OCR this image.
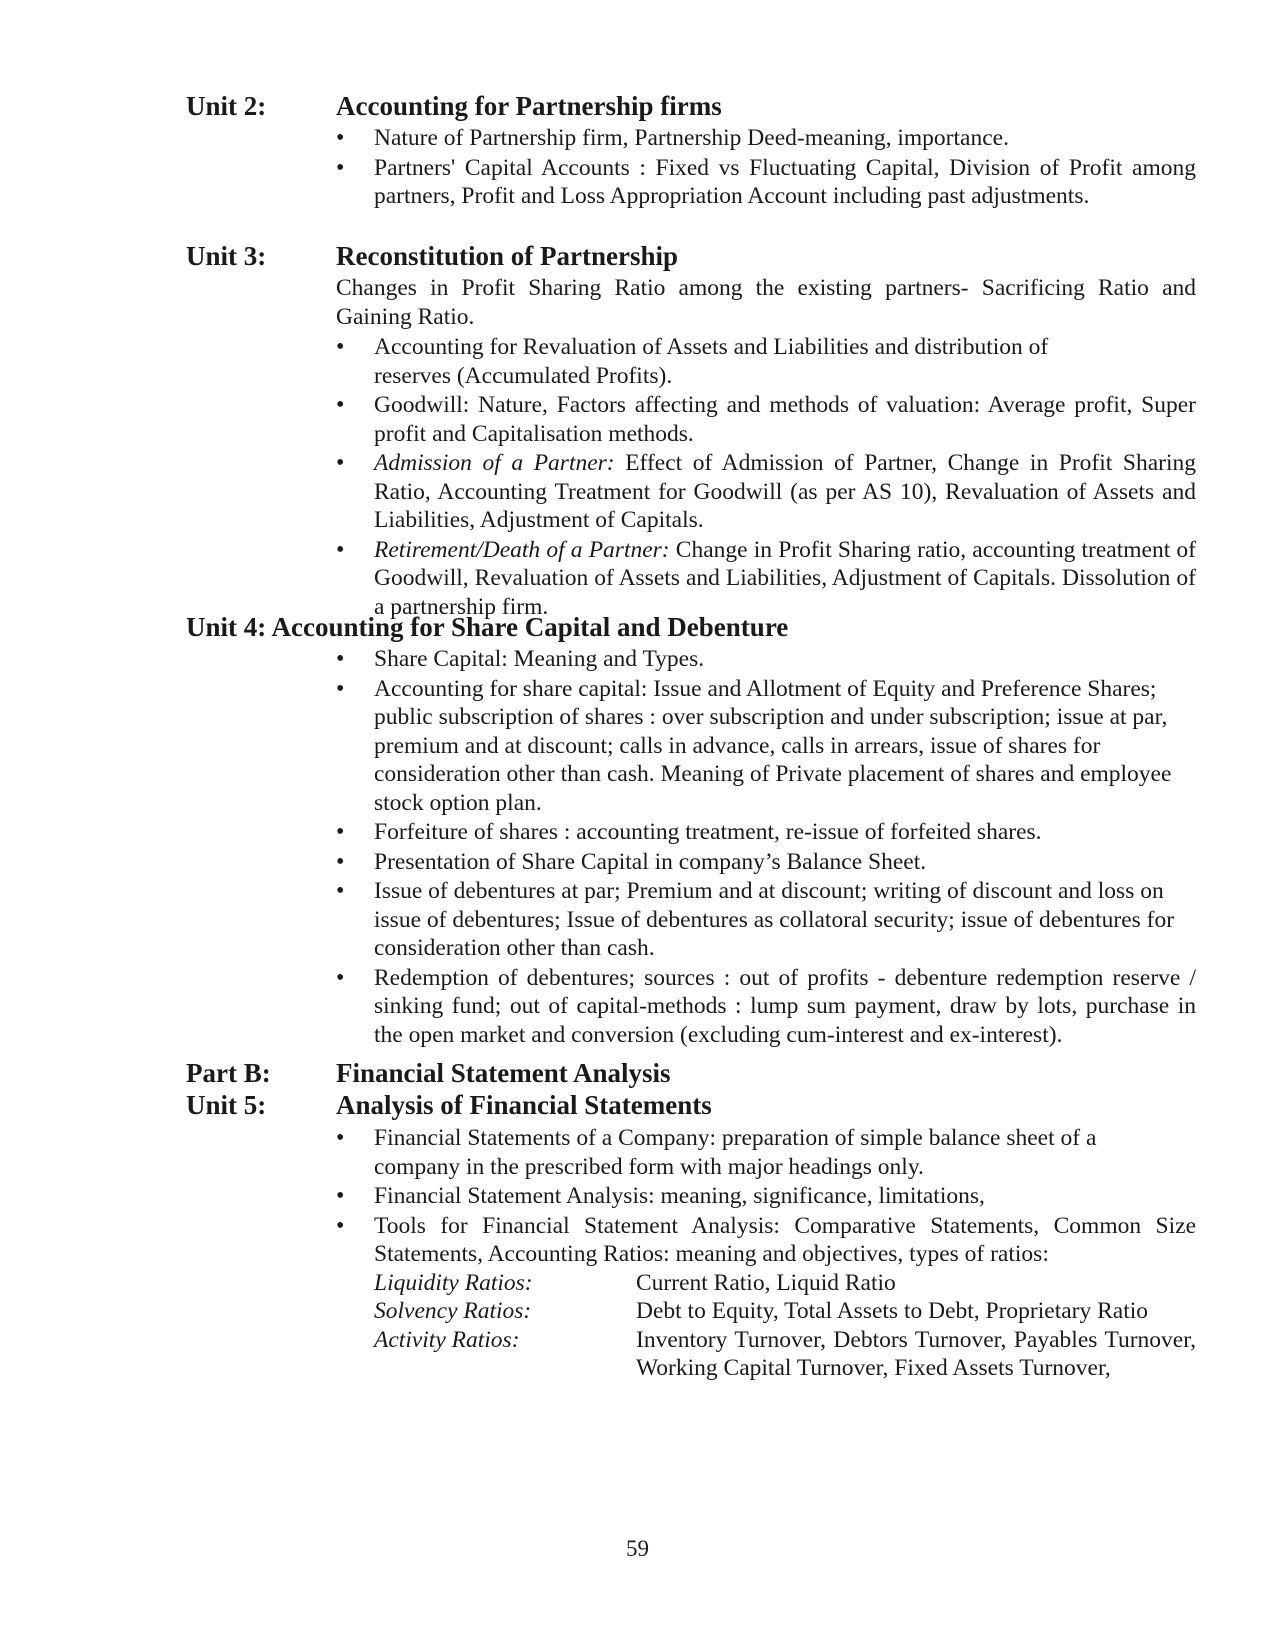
Unit 2:	Accounting for Partnership firms
• Nature of Partnership firm, Partnership Deed-meaning, importance.
• Partners' Capital Accounts : Fixed vs Fluctuating Capital, Division of Profit among partners, Profit and Loss Appropriation Account including past adjustments.
Unit 3:	Reconstitution of Partnership
Changes in Profit Sharing Ratio among the existing partners- Sacrificing Ratio and Gaining Ratio.
• Accounting for Revaluation of Assets and Liabilities and distribution of reserves (Accumulated Profits).
• Goodwill: Nature, Factors affecting and methods of valuation: Average profit, Super profit and Capitalisation methods.
• Admission of a Partner: Effect of Admission of Partner, Change in Profit Sharing Ratio, Accounting Treatment for Goodwill (as per AS 10), Revaluation of Assets and Liabilities, Adjustment of Capitals.
• Retirement/Death of a Partner: Change in Profit Sharing ratio, accounting treatment of Goodwill, Revaluation of Assets and Liabilities, Adjustment of Capitals. Dissolution of a partnership firm.
Unit 4: Accounting for Share Capital and Debenture
• Share Capital: Meaning and Types.
• Accounting for share capital: Issue and Allotment of Equity and Preference Shares; public subscription of shares : over subscription and under subscription; issue at par, premium and at discount; calls in advance, calls in arrears, issue of shares for consideration other than cash. Meaning of Private placement of shares and employee stock option plan.
• Forfeiture of shares : accounting treatment, re-issue of forfeited shares.
• Presentation of Share Capital in company’s Balance Sheet.
• Issue of debentures at par; Premium and at discount; writing of discount and loss on issue of debentures; Issue of debentures as collatoral security; issue of debentures for consideration other than cash.
• Redemption of debentures; sources : out of profits - debenture redemption reserve / sinking fund; out of capital-methods : lump sum payment, draw by lots, purchase in the open market and conversion (excluding cum-interest and ex-interest).
Part B: Financial Statement Analysis
Unit 5:	Analysis of Financial Statements
• Financial Statements of a Company: preparation of simple balance sheet of a company in the prescribed form with major headings only.
• Financial Statement Analysis: meaning, significance, limitations,
• Tools for Financial Statement Analysis: Comparative Statements, Common Size Statements, Accounting Ratios: meaning and objectives, types of ratios:
Liquidity Ratios:	Current Ratio, Liquid Ratio
Solvency Ratios:	Debt to Equity, Total Assets to Debt, Proprietary Ratio
Activity Ratios:	Inventory Turnover, Debtors Turnover, Payables Turnover, Working Capital Turnover, Fixed Assets Turnover,
59
